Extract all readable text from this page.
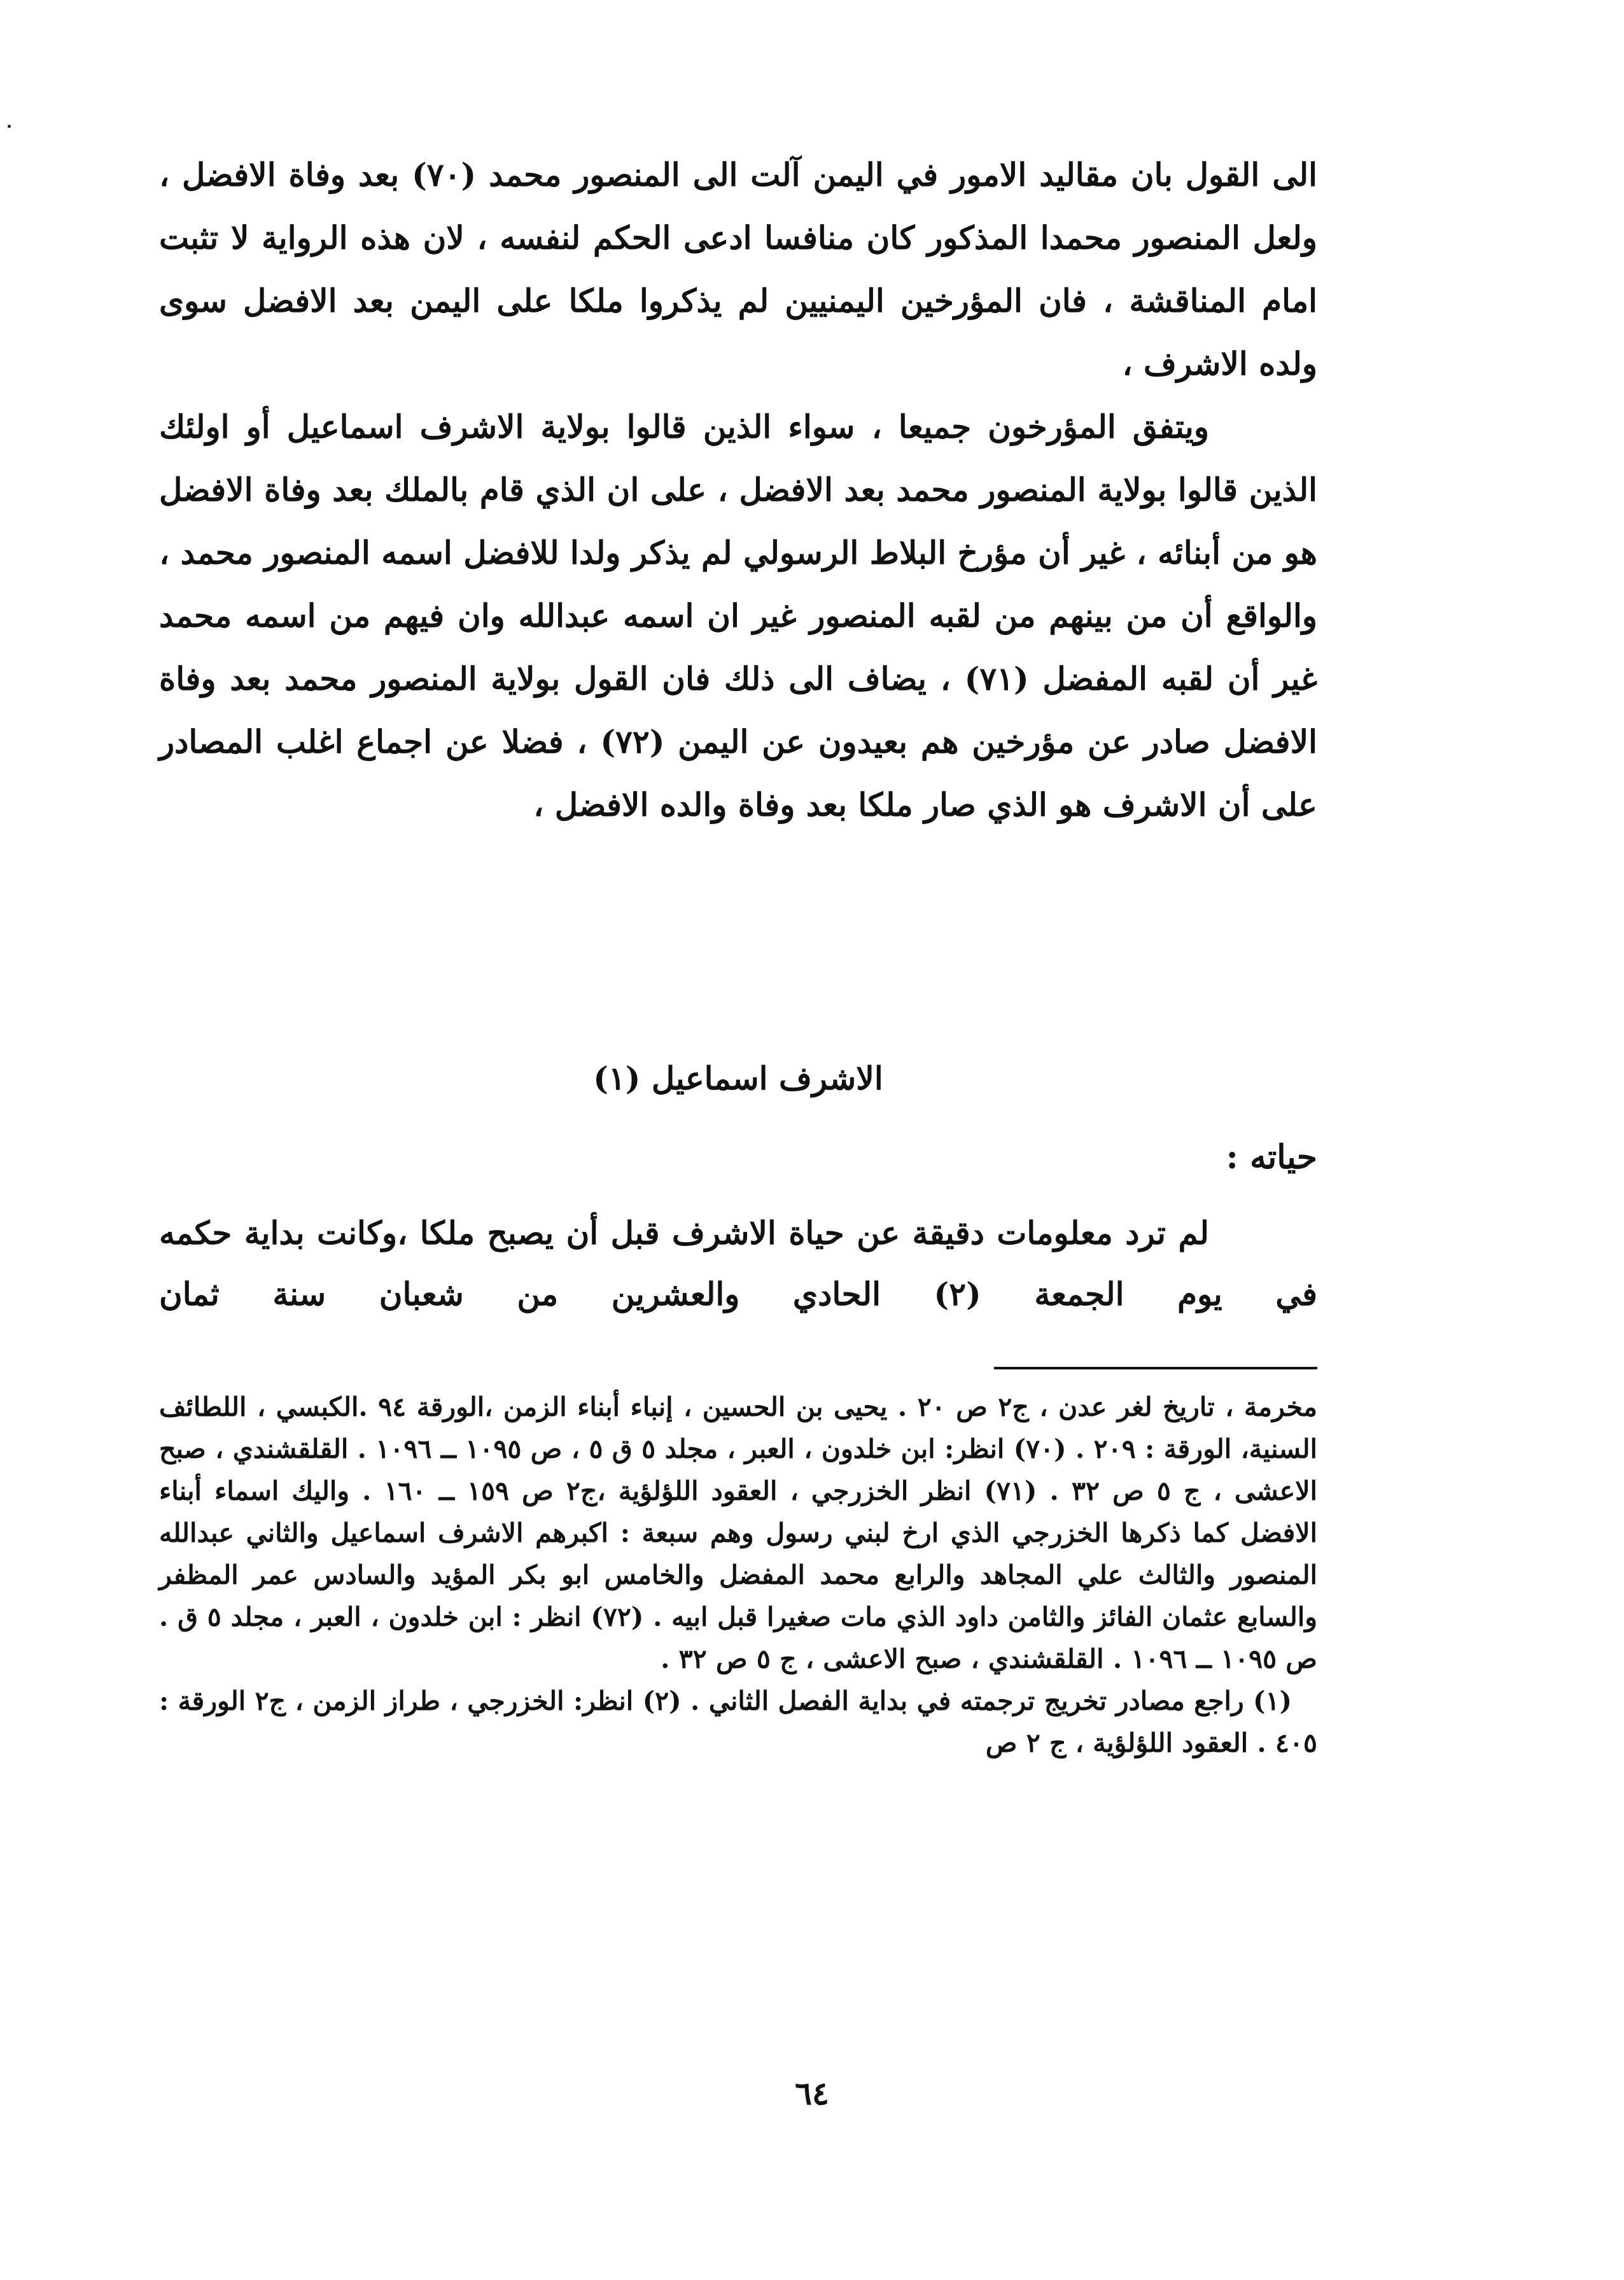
الى القول بان مقاليد الامور في اليمن آلت الى المنصور محمد (٧٠) بعد وفاة الافضل ، ولعل المنصور محمدا المذكور كان منافسا ادعى الحكم لنفسه ، لان هذه الرواية لا تثبت امام المناقشة ، فان المؤرخين اليمنيين لم يذكروا ملكا على اليمن بعد الافضل سوى ولده الاشرف ،

ويتفق المؤرخون جميعا ، سواء الذين قالوا بولاية الاشرف اسماعيل أو اولئك الذين قالوا بولاية المنصور محمد بعد الافضل ، على ان الذي قام بالملك بعد وفاة الافضل هو من أبنائه ، غير أن مؤرخ البلاط الرسولي لم يذكر ولدا للافضل اسمه المنصور محمد ، والواقع أن من بينهم من لقبه المنصور غير ان اسمه عبدالله وان فيهم من اسمه محمد غير أن لقبه المفضل (٧١) ، يضاف الى ذلك فان القول بولاية المنصور محمد بعد وفاة الافضل صادر عن مؤرخين هم بعيدون عن اليمن (٧٢) ، فضلا عن اجماع اغلب المصادر على أن الاشرف هو الذي صار ملكا بعد وفاة والده الافضل ،

الاشرف اسماعيل (١)
حياته :

لم ترد معلومات دقيقة عن حياة الاشرف قبل أن يصبح ملكا ،وكانت بداية حكمه في يوم الجمعة (٢) الحادي والعشرين من شعبان سنة ثمان

مخرمة ، تاريخ لغر عدن ، ج٢ ص ٢٠ . يحيى بن الحسين ، إنباء أبناء الزمن ،الورقة ٩٤ .الكبسي ، اللطائف السنية، الورقة : ٢٠٩ . (٧٠) انظر: ابن خلدون ، العبر ، مجلد ٥ ق ٥ ، ص ١٠٩٥ ــ ١٠٩٦ . القلقشندي ، صبح الاعشى ، ج ٥ ص ٣٢ . (٧١) انظر الخزرجي ، العقود اللؤلؤية ،ج٢ ص ١٥٩ ــ ١٦٠ . واليك اسماء أبناء الافضل كما ذكرها الخزرجي الذي ارخ لبني رسول وهم سبعة : اكبرهم الاشرف اسماعيل والثاني عبدالله المنصور والثالث علي المجاهد والرابع محمد المفضل والخامس ابو بكر المؤيد والسادس عمر المظفر والسابع عثمان الفائز والثامن داود الذي مات صغيرا قبل ابيه . (٧٢) انظر : ابن خلدون ، العبر ، مجلد ٥ ق . ص ١٠٩٥ ــ ١٠٩٦ . القلقشندي ، صبح الاعشى ، ج ٥ ص ٣٢ .

(١) راجع مصادر تخريج ترجمته في بداية الفصل الثاني . (٢) انظر: الخزرجي ، طراز الزمن ، ج٢ الورقة : ٤٠٥ . العقود اللؤلؤية ، ج ٢ ص

٦٤
